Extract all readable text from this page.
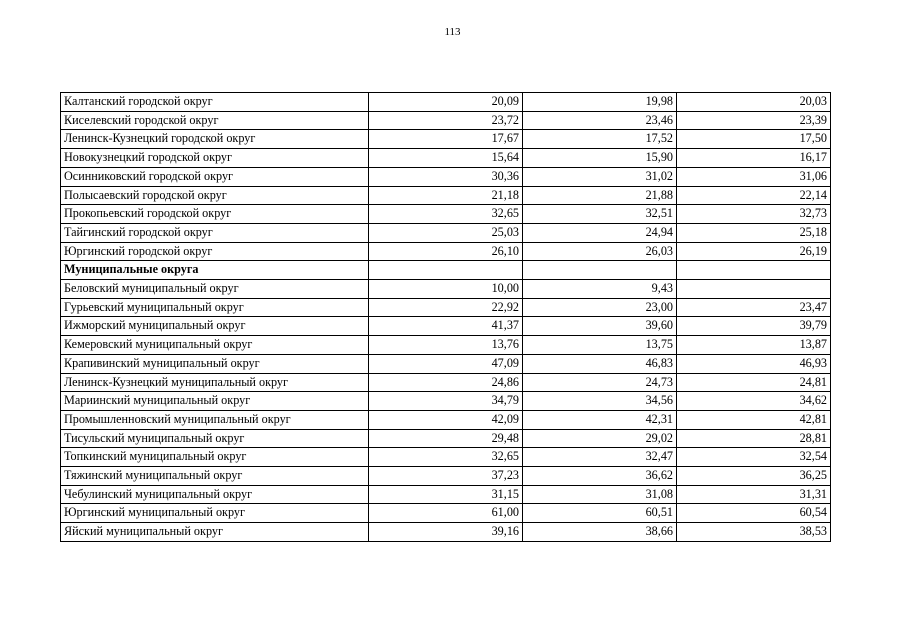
113
Калтанский городской округ	20,09	19,98	20,03
Киселевский городской округ	23,72	23,46	23,39
Ленинск-Кузнецкий городской округ	17,67	17,52	17,50
Новокузнецкий городской округ	15,64	15,90	16,17
Осинниковский городской округ	30,36	31,02	31,06
Полысаевский городской округ	21,18	21,88	22,14
Прокопьевский городской округ	32,65	32,51	32,73
Тайгинский городской округ	25,03	24,94	25,18
Юргинский городской округ	26,10	26,03	26,19
Муниципальные округа			
Беловский муниципальный округ	10,00	9,43	
Гурьевский муниципальный округ	22,92	23,00	23,47
Ижморский муниципальный округ	41,37	39,60	39,79
Кемеровский муниципальный округ	13,76	13,75	13,87
Крапивинский муниципальный округ	47,09	46,83	46,93
Ленинск-Кузнецкий муниципальный округ	24,86	24,73	24,81
Мариинский муниципальный округ	34,79	34,56	34,62
Промышленновский муниципальный округ	42,09	42,31	42,81
Тисульский муниципальный округ	29,48	29,02	28,81
Топкинский муниципальный округ	32,65	32,47	32,54
Тяжинский муниципальный округ	37,23	36,62	36,25
Чебулинский муниципальный округ	31,15	31,08	31,31
Юргинский муниципальный округ	61,00	60,51	60,54
Яйский муниципальный округ	39,16	38,66	38,53
